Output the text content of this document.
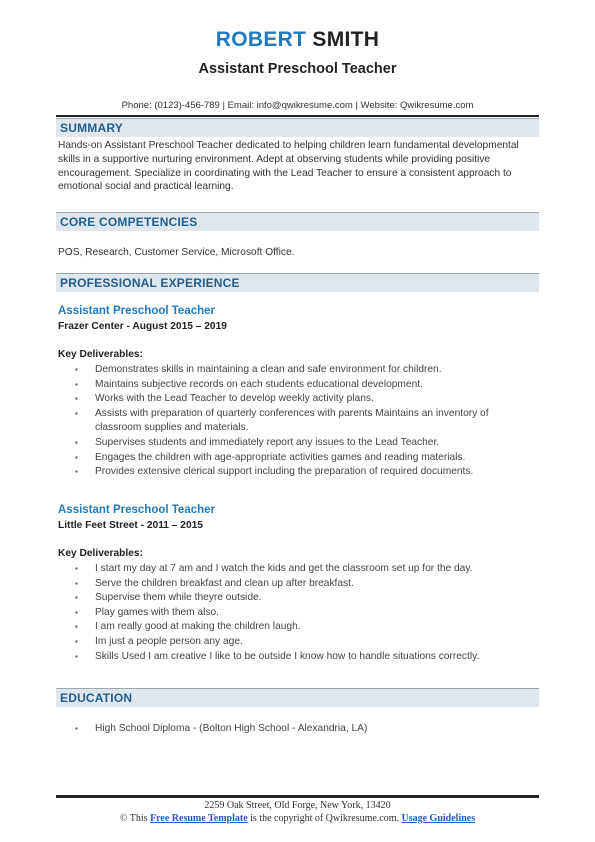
ROBERT SMITH
Assistant Preschool Teacher
Phone: (0123)-456-789 | Email: info@qwikresume.com | Website: Qwikresume.com
SUMMARY
Hands-on Assistant Preschool Teacher dedicated to helping children learn fundamental developmental skills in a supportive nurturing environment. Adept at observing students while providing positive encouragement. Specialize in coordinating with the Lead Teacher to ensure a consistent approach to emotional social and practical learning.
CORE COMPETENCIES
POS, Research, Customer Service, Microsoft Office.
PROFESSIONAL EXPERIENCE
Assistant Preschool Teacher
Frazer Center - August 2015 – 2019
Key Deliverables:
▪ Demonstrates skills in maintaining a clean and safe environment for children.
▪ Maintains subjective records on each students educational development.
▪ Works with the Lead Teacher to develop weekly activity plans.
▪ Assists with preparation of quarterly conferences with parents Maintains an inventory of classroom supplies and materials.
▪ Supervises students and immediately report any issues to the Lead Teacher.
▪ Engages the children with age-appropriate activities games and reading materials.
▪ Provides extensive clerical support including the preparation of required documents.
Assistant Preschool Teacher
Little Feet Street - 2011 – 2015
Key Deliverables:
▪ I start my day at 7 am and I watch the kids and get the classroom set up for the day.
▪ Serve the children breakfast and clean up after breakfast.
▪ Supervise them while theyre outside.
▪ Play games with them also.
▪ I am really good at making the children laugh.
▪ Im just a people person any age.
▪ Skills Used I am creative I like to be outside I know how to handle situations correctly.
EDUCATION
▪ High School Diploma - (Bolton High School - Alexandria, LA)
2259 Oak Street, Old Forge, New York, 13420
© This Free Resume Template is the copyright of Qwikresume.com. Usage Guidelines
